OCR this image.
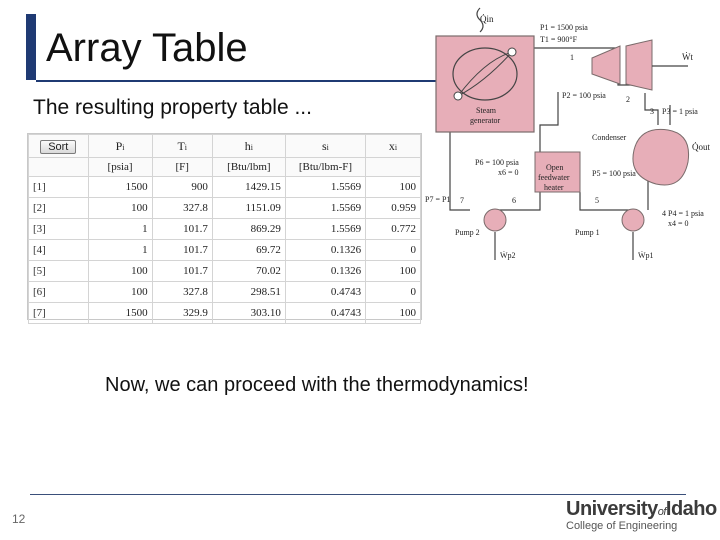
Array Table
The resulting property table ...
Sort	Pi	Ti	hi	si	xi
	[psia]	[F]	[Btu/lbm]	[Btu/lbm-F]	
[1]	1500	900	1429.15	1.5569	100
[2]	100	327.8	1151.09	1.5569	0.959
[3]	1	101.7	869.29	1.5569	0.772
[4]	1	101.7	69.72	0.1326	0
[5]	100	101.7	70.02	0.1326	100
[6]	100	327.8	298.51	0.4743	0
[7]	1500	329.9	303.10	0.4743	100
Steam
generator
Q̇in
P1 = 1500 psia
T1 = 900°F
1	Ẇt
P2 = 100 psia	2
3 P3 = 1 psia
Condenser
Q̇out
Open
feedwater
heater
P6 = 100 psia
x6 = 0	P5 = 100 psia
P7 = P1 7	6	5
4 P4 = 1 psia
x4 = 0
Pump 2	Pump 1
Ẇp2	Ẇp1
Now, we can proceed with the thermodynamics!
12	UniversityofIdaho
College of Engineering
